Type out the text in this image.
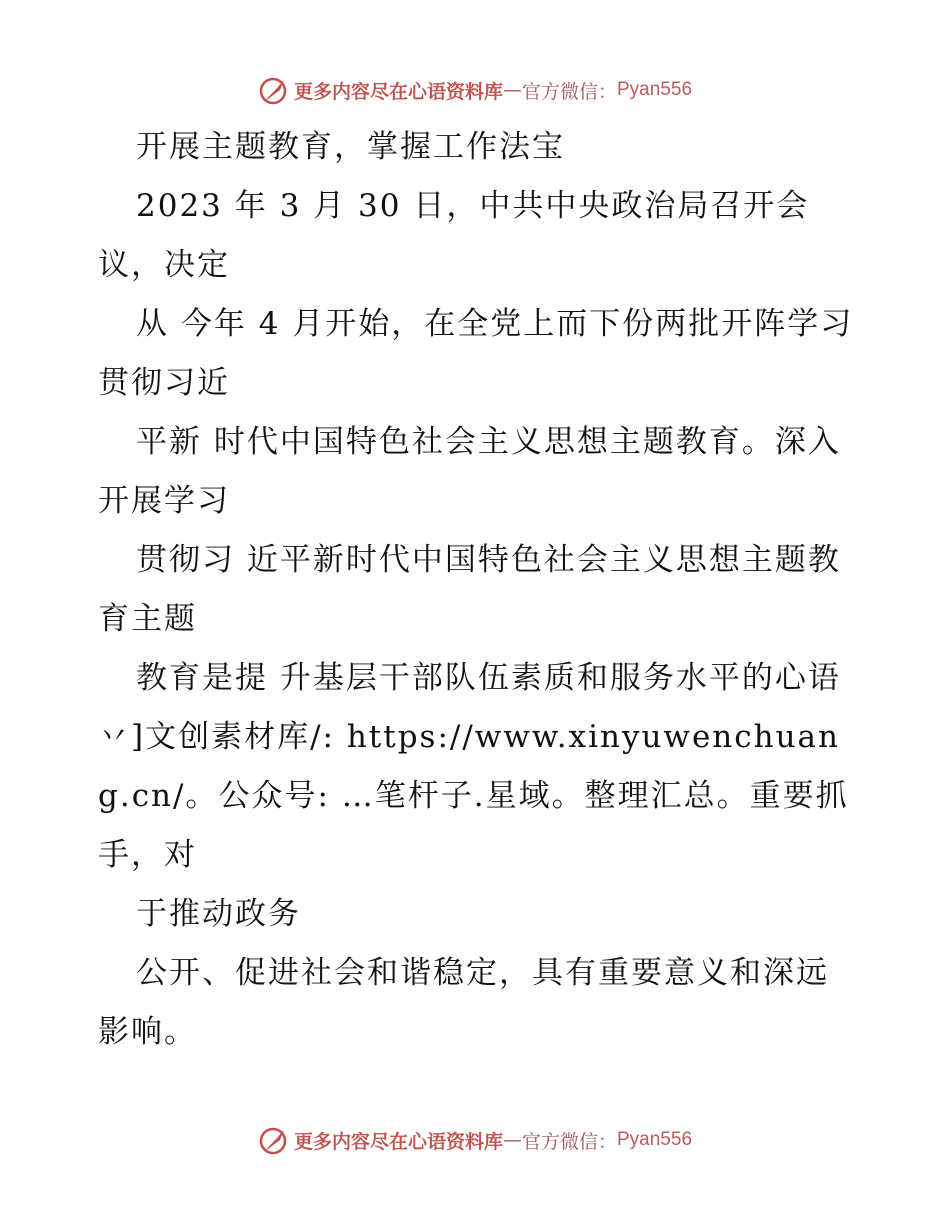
更多内容尽在心语资料库 — 官方微信： Pyan556

开展主题教育，掌握工作法宝

2023 年 3 月 30 日，中共中央政治局召开会议，决定

从 今年 4 月开始，在全党上而下份两批开阵学习贯彻习近

平新 时代中国特色社会主义思想主题教育。深入开展学习

贯彻习 近平新时代中国特色社会主义思想主题教育主题

教育是提 升基层干部队伍素质和服务水平的心语丷]文创素材库/: https://www.xinyuwenchuang.cn/。公众号: …笔杆子.星域。整理汇总。重要抓手，对

于推动政务

公开、促进社会和谐稳定，具有重要意义和深远影响。

更多内容尽在心语资料库 — 官方微信： Pyan556
